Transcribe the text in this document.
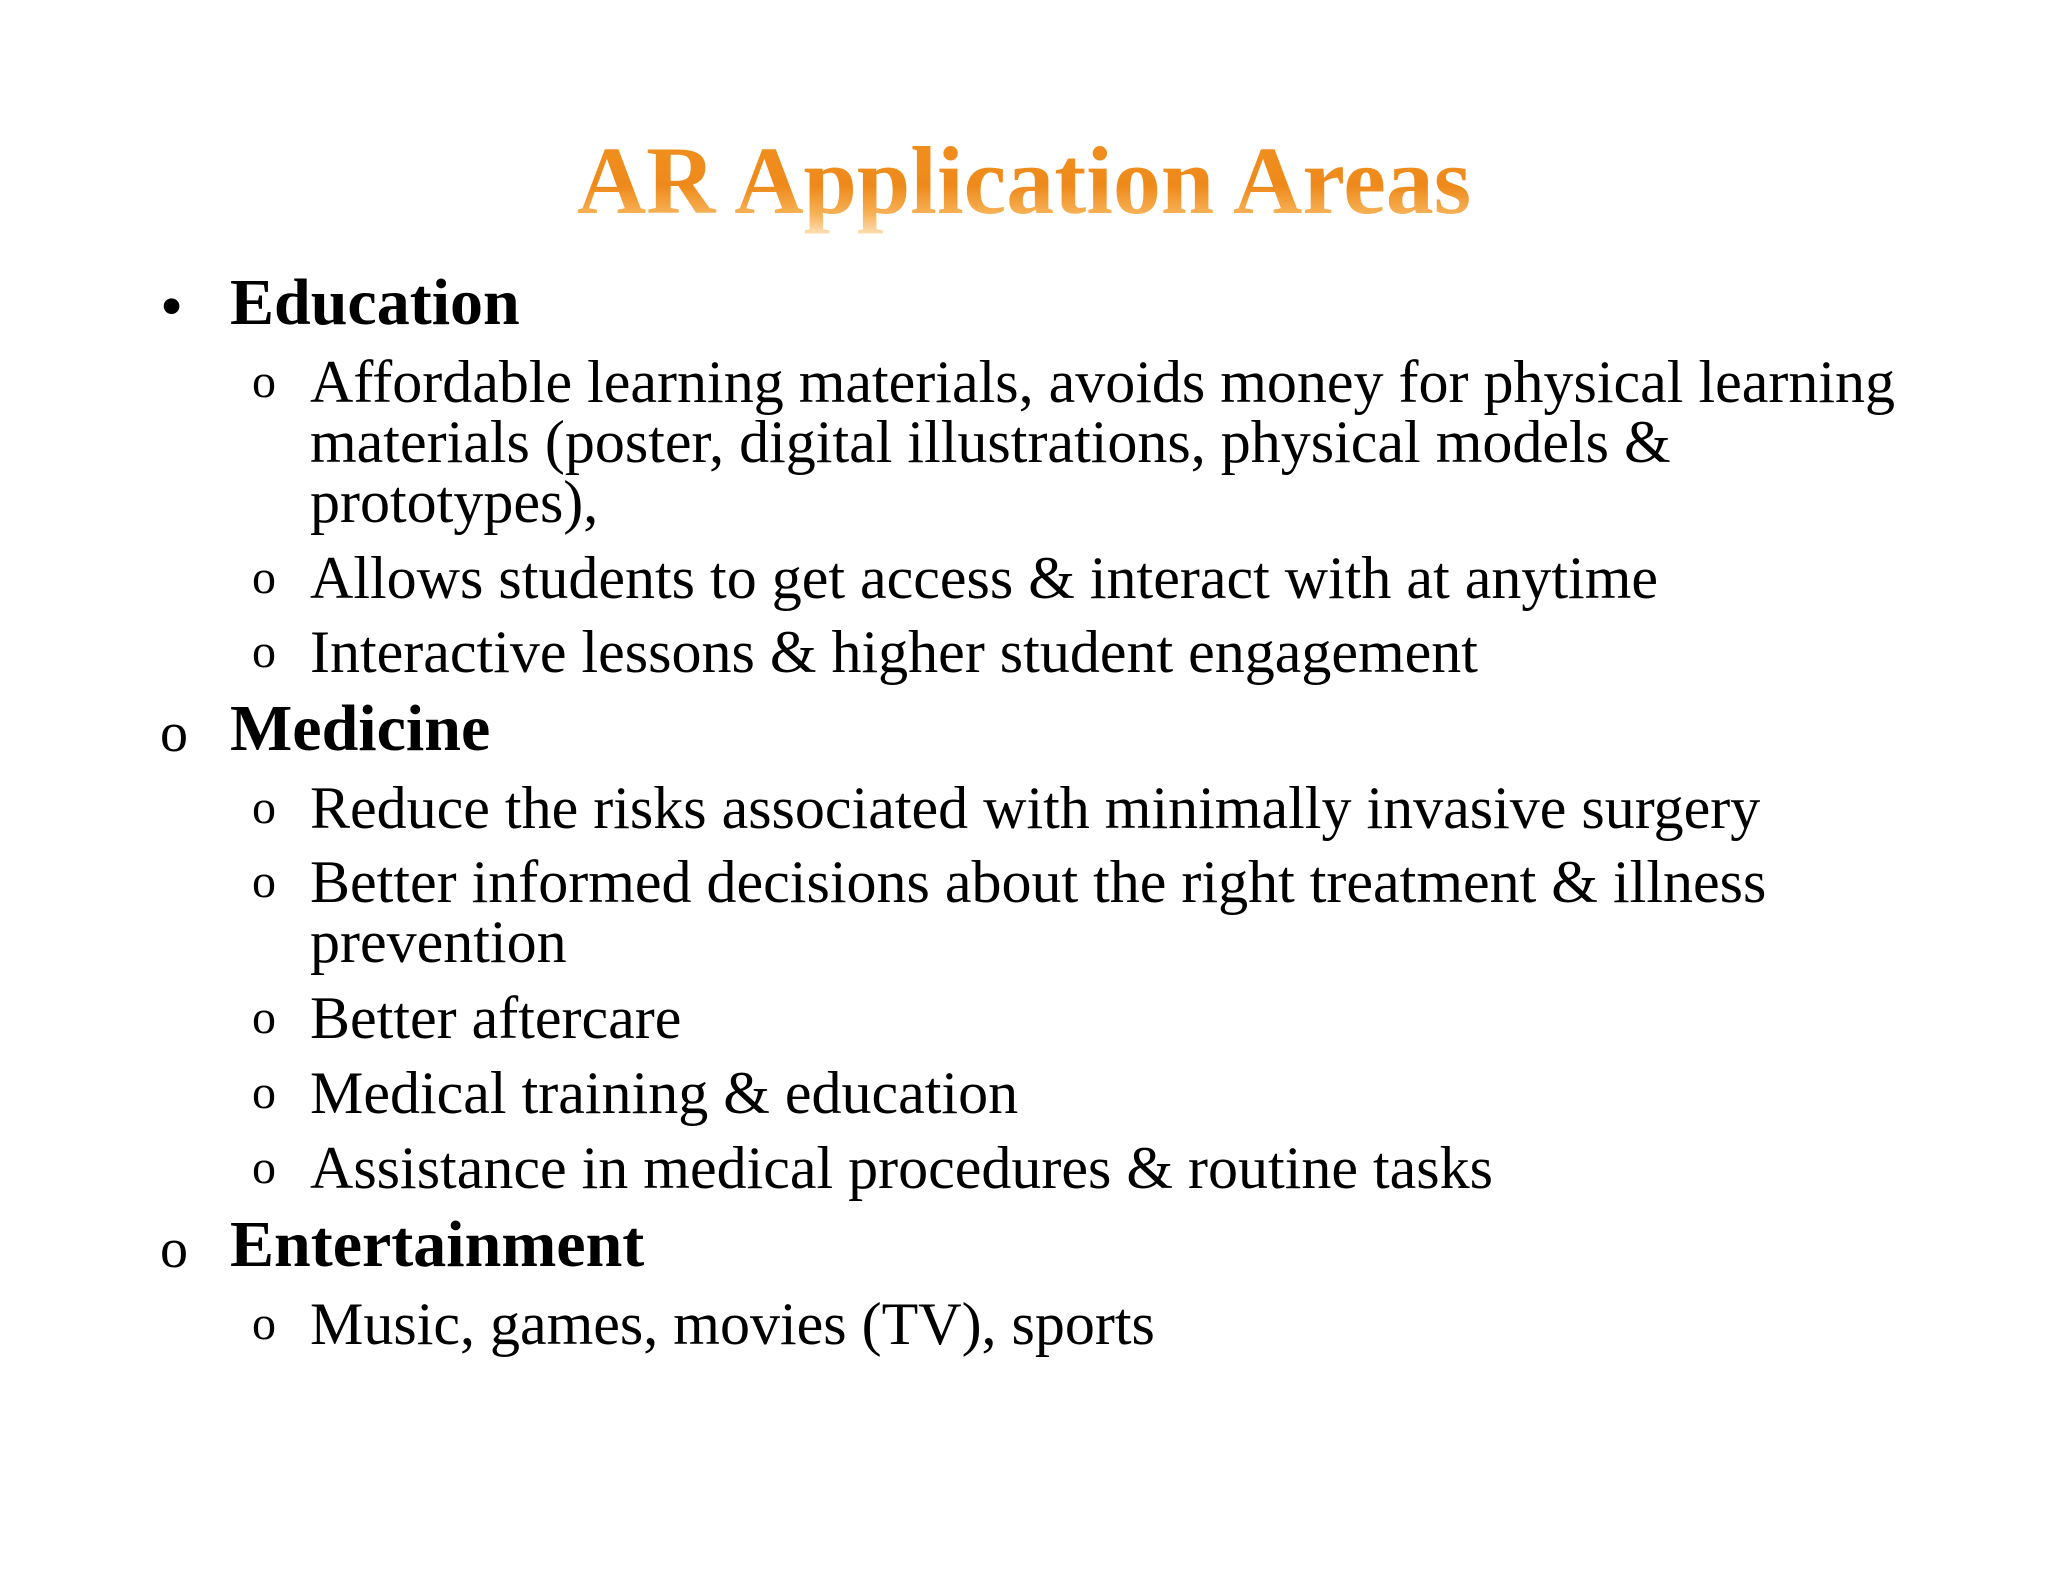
AR Application Areas
• Education
o Affordable learning materials, avoids money for physical learning materials (poster, digital illustrations, physical models & prototypes),
o Allows students to get access & interact with at anytime
o Interactive lessons & higher student engagement
o Medicine
o Reduce the risks associated with minimally invasive surgery
o Better informed decisions about the right treatment & illness prevention
o Better aftercare
o Medical training & education
o Assistance in medical procedures & routine tasks
o Entertainment
o Music, games, movies (TV), sports
